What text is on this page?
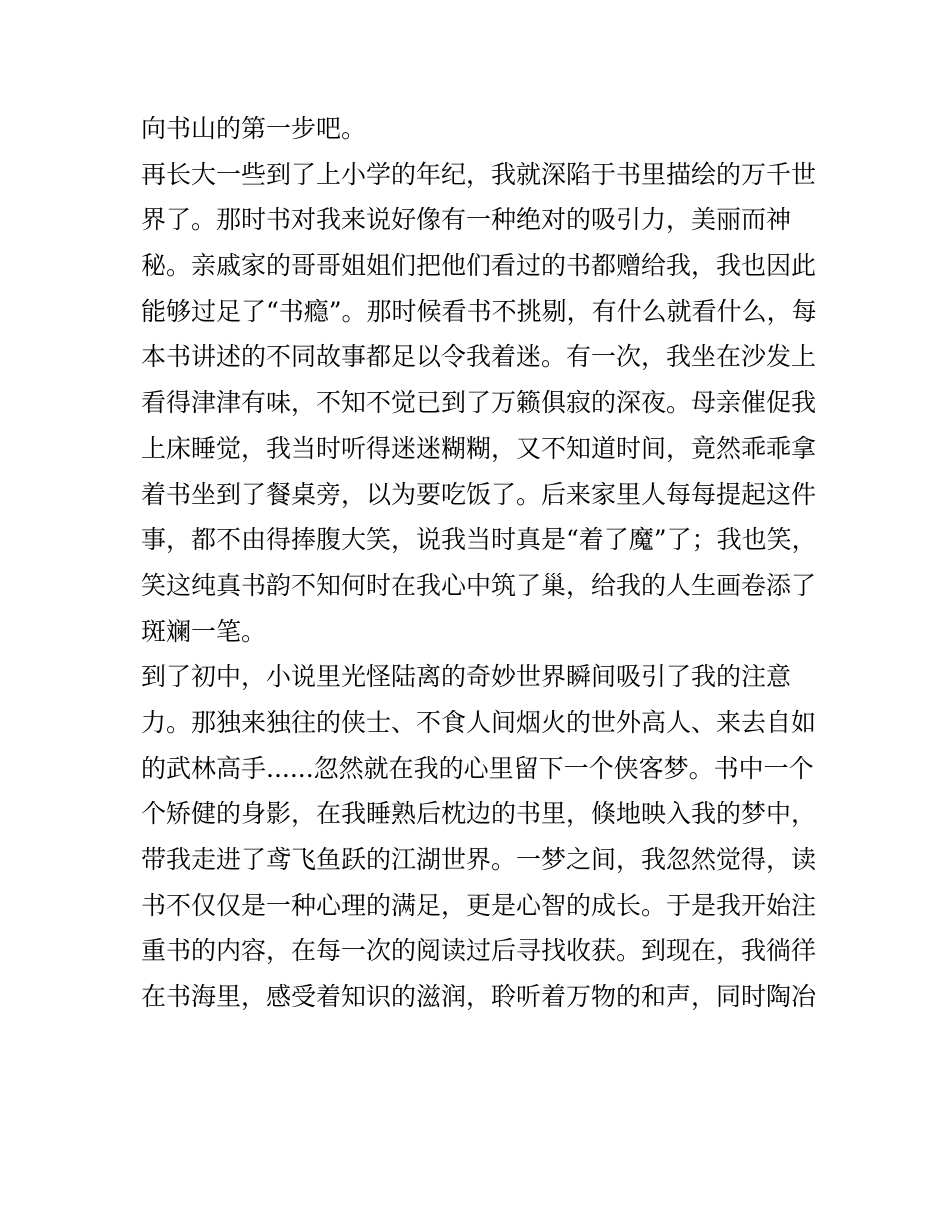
向书山的第一步吧。
再长大一些到了上小学的年纪，我就深陷于书里描绘的万千世
界了。那时书对我来说好像有一种绝对的吸引力，美丽而神
秘。亲戚家的哥哥姐姐们把他们看过的书都赠给我，我也因此
能够过足了“书瘾”。那时候看书不挑剔，有什么就看什么，每
本书讲述的不同故事都足以令我着迷。有一次，我坐在沙发上
看得津津有味，不知不觉已到了万籁俱寂的深夜。母亲催促我
上床睡觉，我当时听得迷迷糊糊，又不知道时间，竟然乖乖拿
着书坐到了餐桌旁，以为要吃饭了。后来家里人每每提起这件
事，都不由得捧腹大笑，说我当时真是“着了魔”了；我也笑，
笑这纯真书韵不知何时在我心中筑了巢，给我的人生画卷添了
斑斓一笔。
到了初中，小说里光怪陆离的奇妙世界瞬间吸引了我的注意
力。那独来独往的侠士、不食人间烟火的世外高人、来去自如
的武林高手......忽然就在我的心里留下一个侠客梦。书中一个
个矫健的身影，在我睡熟后枕边的书里，倏地映入我的梦中，
带我走进了鸢飞鱼跃的江湖世界。一梦之间，我忽然觉得，读
书不仅仅是一种心理的满足，更是心智的成长。于是我开始注
重书的内容，在每一次的阅读过后寻找收获。到现在，我徜徉
在书海里，感受着知识的滋润，聆听着万物的和声，同时陶冶
